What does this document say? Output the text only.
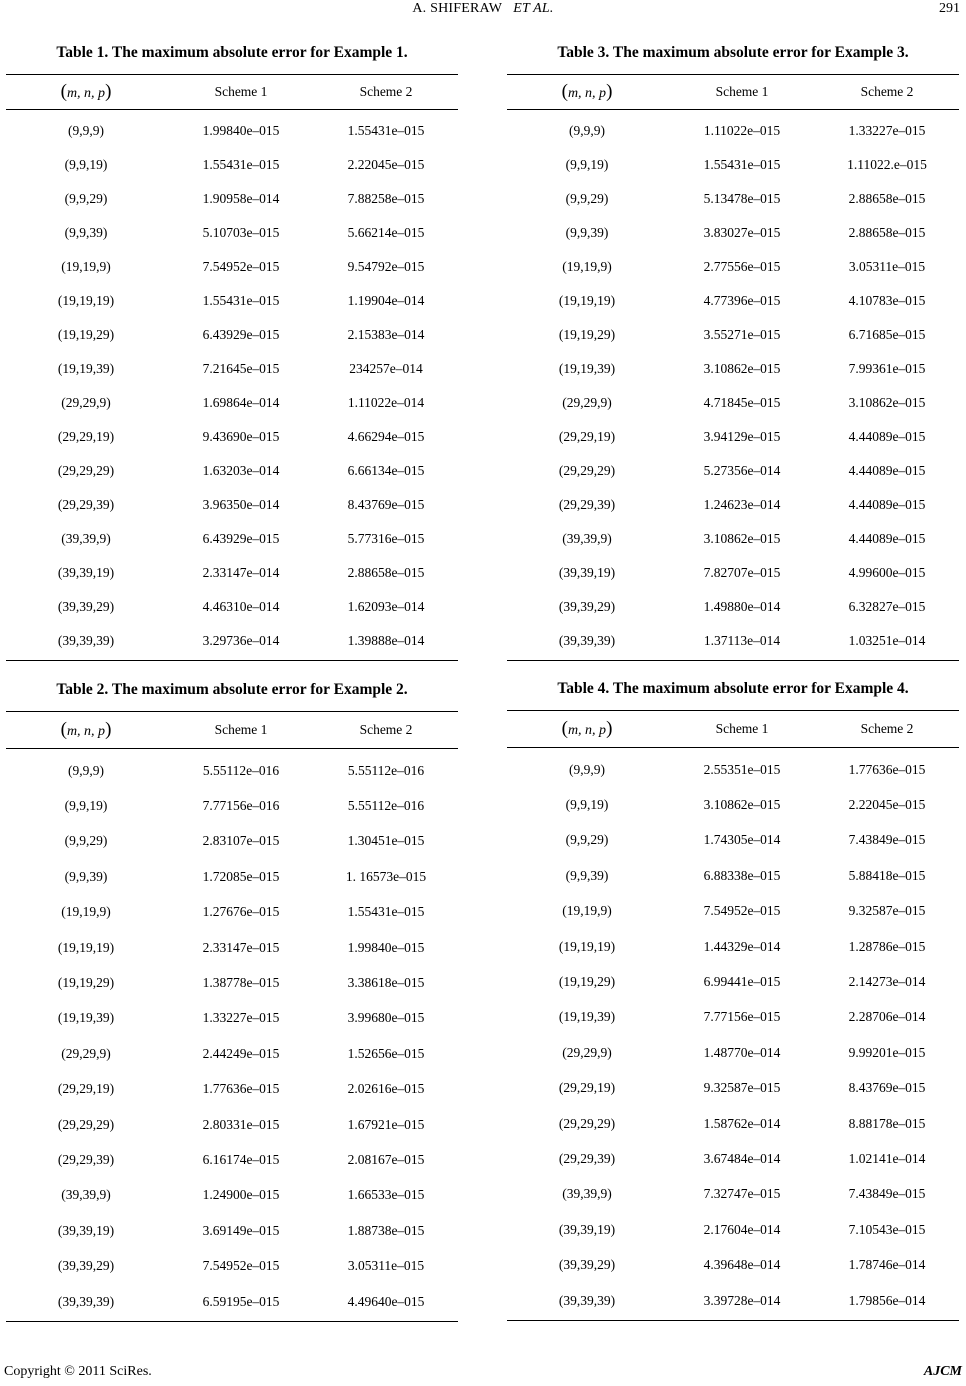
A. SHIFERAW ET AL.	291
Table 1. The maximum absolute error for Example 1.
(m, n, p)	Scheme 1	Scheme 2
(9,9,9)	1.99840e–015	1.55431e–015
(9,9,19)	1.55431e–015	2.22045e–015
(9,9,29)	1.90958e–014	7.88258e–015
(9,9,39)	5.10703e–015	5.66214e–015
(19,19,9)	7.54952e–015	9.54792e–015
(19,19,19)	1.55431e–015	1.19904e–014
(19,19,29)	6.43929e–015	2.15383e–014
(19,19,39)	7.21645e–015	234257e–014
(29,29,9)	1.69864e–014	1.11022e–014
(29,29,19)	9.43690e–015	4.66294e–015
(29,29,29)	1.63203e–014	6.66134e–015
(29,29,39)	3.96350e–014	8.43769e–015
(39,39,9)	6.43929e–015	5.77316e–015
(39,39,19)	2.33147e–014	2.88658e–015
(39,39,29)	4.46310e–014	1.62093e–014
(39,39,39)	3.29736e–014	1.39888e–014
Table 2. The maximum absolute error for Example 2.
(m, n, p)	Scheme 1	Scheme 2
(9,9,9)	5.55112e–016	5.55112e–016
(9,9,19)	7.77156e–016	5.55112e–016
(9,9,29)	2.83107e–015	1.30451e–015
(9,9,39)	1.72085e–015	1. 16573e–015
(19,19,9)	1.27676e–015	1.55431e–015
(19,19,19)	2.33147e–015	1.99840e–015
(19,19,29)	1.38778e–015	3.38618e–015
(19,19,39)	1.33227e–015	3.99680e–015
(29,29,9)	2.44249e–015	1.52656e–015
(29,29,19)	1.77636e–015	2.02616e–015
(29,29,29)	2.80331e–015	1.67921e–015
(29,29,39)	6.16174e–015	2.08167e–015
(39,39,9)	1.24900e–015	1.66533e–015
(39,39,19)	3.69149e–015	1.88738e–015
(39,39,29)	7.54952e–015	3.05311e–015
(39,39,39)	6.59195e–015	4.49640e–015
Table 3. The maximum absolute error for Example 3.
(m, n, p)	Scheme 1	Scheme 2
(9,9,9)	1.11022e–015	1.33227e–015
(9,9,19)	1.55431e–015	1.11022.e–015
(9,9,29)	5.13478e–015	2.88658e–015
(9,9,39)	3.83027e–015	2.88658e–015
(19,19,9)	2.77556e–015	3.05311e–015
(19,19,19)	4.77396e–015	4.10783e–015
(19,19,29)	3.55271e–015	6.71685e–015
(19,19,39)	3.10862e–015	7.99361e–015
(29,29,9)	4.71845e–015	3.10862e–015
(29,29,19)	3.94129e–015	4.44089e–015
(29,29,29)	5.27356e–014	4.44089e–015
(29,29,39)	1.24623e–014	4.44089e–015
(39,39,9)	3.10862e–015	4.44089e–015
(39,39,19)	7.82707e–015	4.99600e–015
(39,39,29)	1.49880e–014	6.32827e–015
(39,39,39)	1.37113e–014	1.03251e–014
Table 4. The maximum absolute error for Example 4.
(m, n, p)	Scheme 1	Scheme 2
(9,9,9)	2.55351e–015	1.77636e–015
(9,9,19)	3.10862e–015	2.22045e–015
(9,9,29)	1.74305e–014	7.43849e–015
(9,9,39)	6.88338e–015	5.88418e–015
(19,19,9)	7.54952e–015	9.32587e–015
(19,19,19)	1.44329e–014	1.28786e–015
(19,19,29)	6.99441e–015	2.14273e–014
(19,19,39)	7.77156e–015	2.28706e–014
(29,29,9)	1.48770e–014	9.99201e–015
(29,29,19)	9.32587e–015	8.43769e–015
(29,29,29)	1.58762e–014	8.88178e–015
(29,29,39)	3.67484e–014	1.02141e–014
(39,39,9)	7.32747e–015	7.43849e–015
(39,39,19)	2.17604e–014	7.10543e–015
(39,39,29)	4.39648e–014	1.78746e–014
(39,39,39)	3.39728e–014	1.79856e–014
Copyright © 2011 SciRes.	AJCM
